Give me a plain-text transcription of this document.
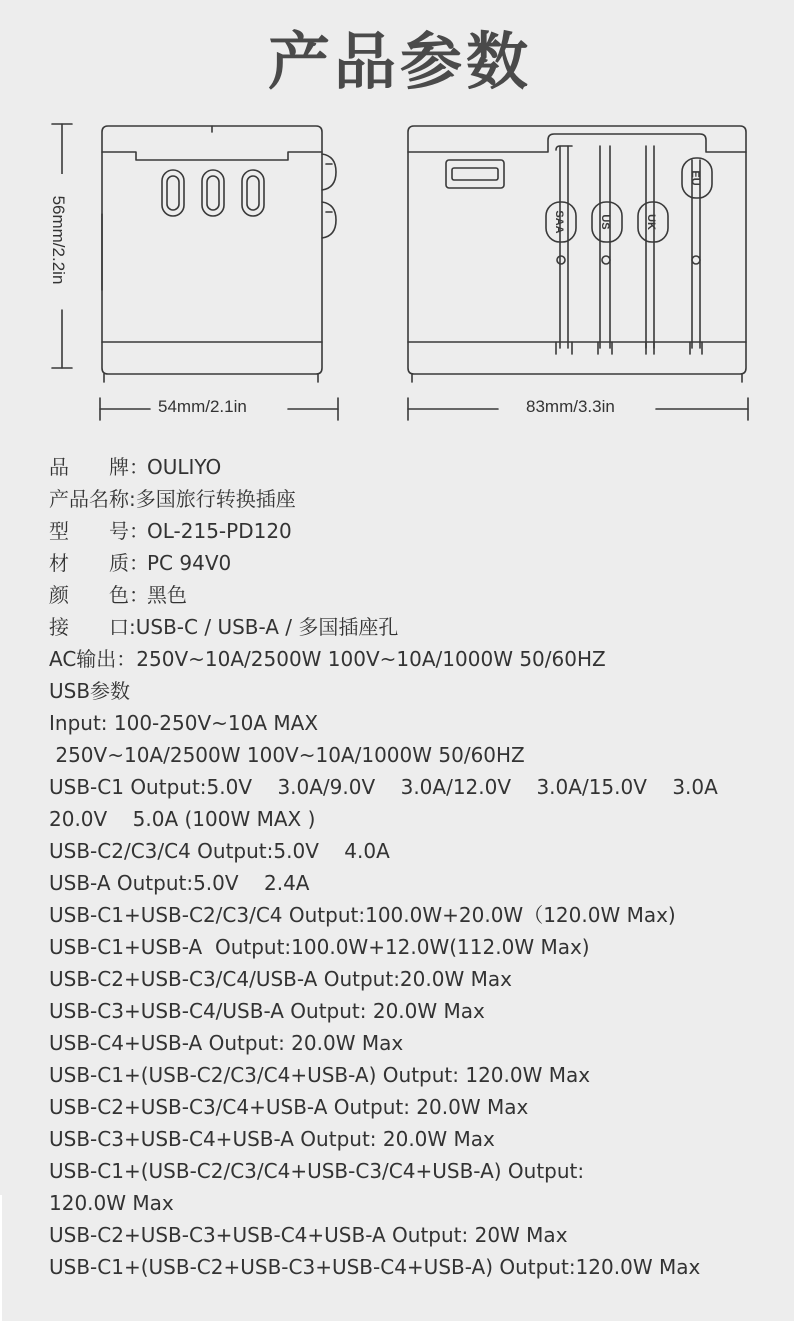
产品参数
SAA	US	UK
EU
56mm/2.2in
54mm/2.1in	83mm/3.3in
品　　牌：OULIYO
产品名称:多国旅行转换插座
型　　号：OL-215-PD120
材　　质：PC 94V0
颜　　色：黑色
接　　口:USB-C / USB-A / 多国插座孔
AC输出：250V~10A/2500W 100V~10A/1000W 50/60HZ
USB参数
Input: 100-250V~10A MAX
250V~10A/2500W 100V~10A/1000W 50/60HZ
USB-C1 Output:5.0V    3.0A/9.0V    3.0A/12.0V    3.0A/15.0V    3.0A
20.0V    5.0A (100W MAX )
USB-C2/C3/C4 Output:5.0V    4.0A
USB-A Output:5.0V    2.4A
USB-C1+USB-C2/C3/C4 Output:100.0W+20.0W（120.0W Max)
USB-C1+USB-A  Output:100.0W+12.0W(112.0W Max)
USB-C2+USB-C3/C4/USB-A Output:20.0W Max
USB-C3+USB-C4/USB-A Output: 20.0W Max
USB-C4+USB-A Output: 20.0W Max
USB-C1+(USB-C2/C3/C4+USB-A) Output: 120.0W Max
USB-C2+USB-C3/C4+USB-A Output: 20.0W Max
USB-C3+USB-C4+USB-A Output: 20.0W Max
USB-C1+(USB-C2/C3/C4+USB-C3/C4+USB-A) Output:
120.0W Max
USB-C2+USB-C3+USB-C4+USB-A Output: 20W Max
USB-C1+(USB-C2+USB-C3+USB-C4+USB-A) Output:120.0W Max
